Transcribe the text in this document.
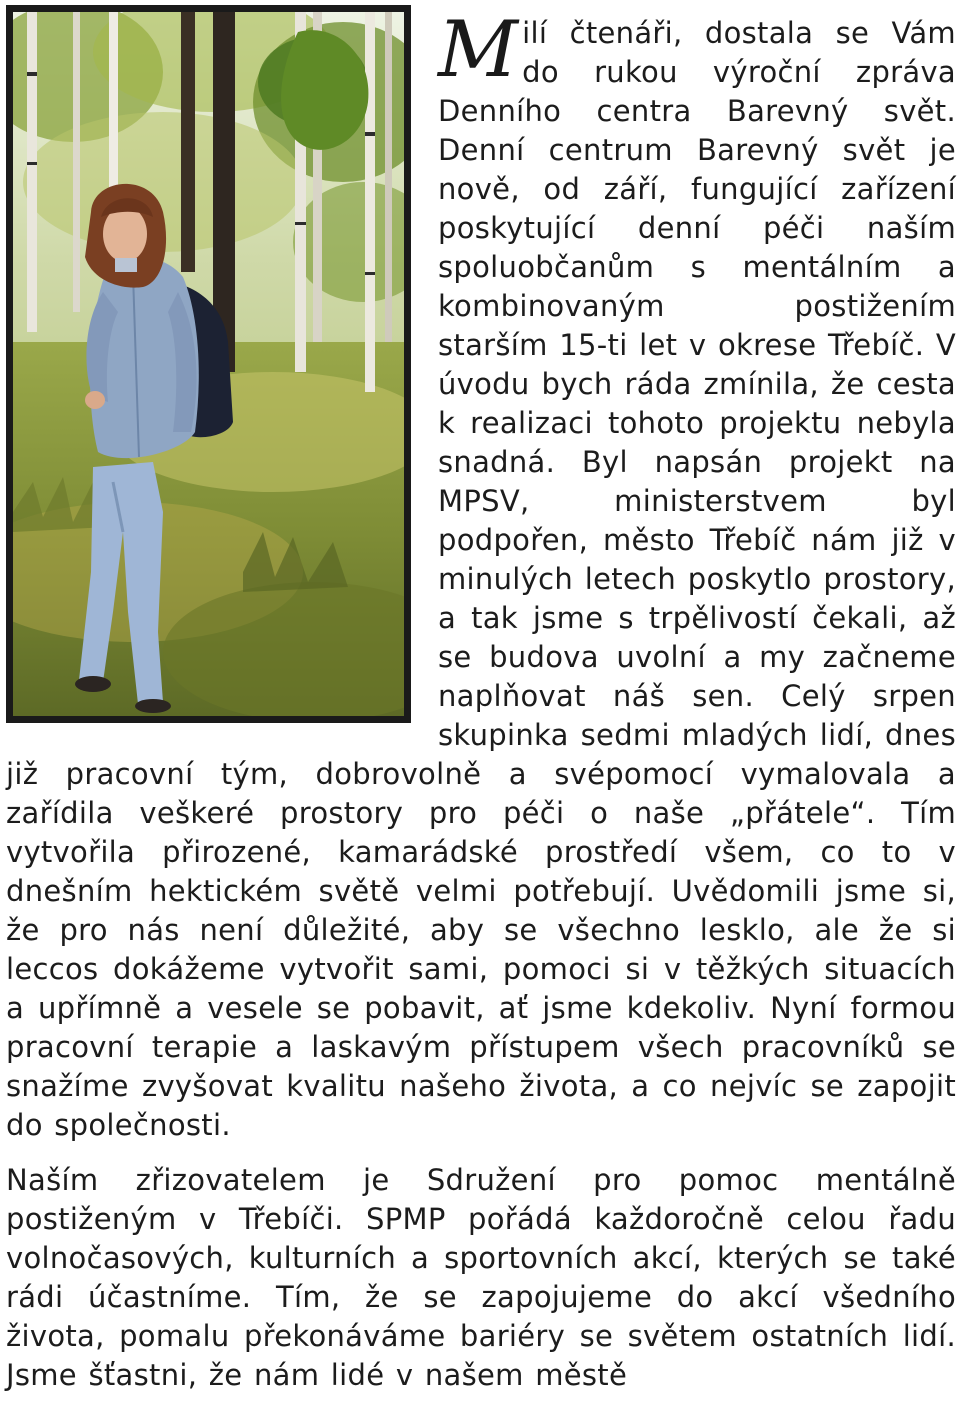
Milí čtenáři, dostala se Vám do rukou výroční zpráva Denního centra Barevný svět. Denní centrum Barevný svět je nově, od září, fungující zařízení poskytující denní péči naším spoluobčanům s mentálním a kombinovaným postižením starším 15-ti let v okrese Třebíč. V úvodu bych ráda zmínila, že cesta k realizaci tohoto projektu nebyla snadná. Byl napsán projekt na MPSV, ministerstvem byl podpořen, město Třebíč nám již v minulých letech poskytlo prostory, a tak jsme s trpělivostí čekali, až se budova uvolní a my začneme naplňovat náš sen. Celý srpen skupinka sedmi mladých lidí, dnes již pracovní tým, dobrovolně a svépomocí vymalovala a zařídila veškeré prostory pro péči o naše „přátele“. Tím vytvořila přirozené, kamarádské prostředí všem, co to v dnešním hektickém světě velmi potřebují. Uvědomili jsme si, že pro nás není důležité, aby se všechno lesklo, ale že si leccos dokážeme vytvořit sami, pomoci si v těžkých situacích a upřímně a vesele se pobavit, ať jsme kdekoliv. Nyní formou pracovní terapie a laskavým přístupem všech pracovníků se snažíme zvyšovat kvalitu našeho života, a co nejvíc se zapojit do společnosti.

Naším zřizovatelem je Sdružení pro pomoc mentálně postiženým v Třebíči. SPMP pořádá každoročně celou řadu volnočasových, kulturních a sportovních akcí, kterých se také rádi účastníme. Tím, že se zapojujeme do akcí všedního života, pomalu překonáváme bariéry se světem ostatních lidí. Jsme šťastni, že nám lidé v našem městě
